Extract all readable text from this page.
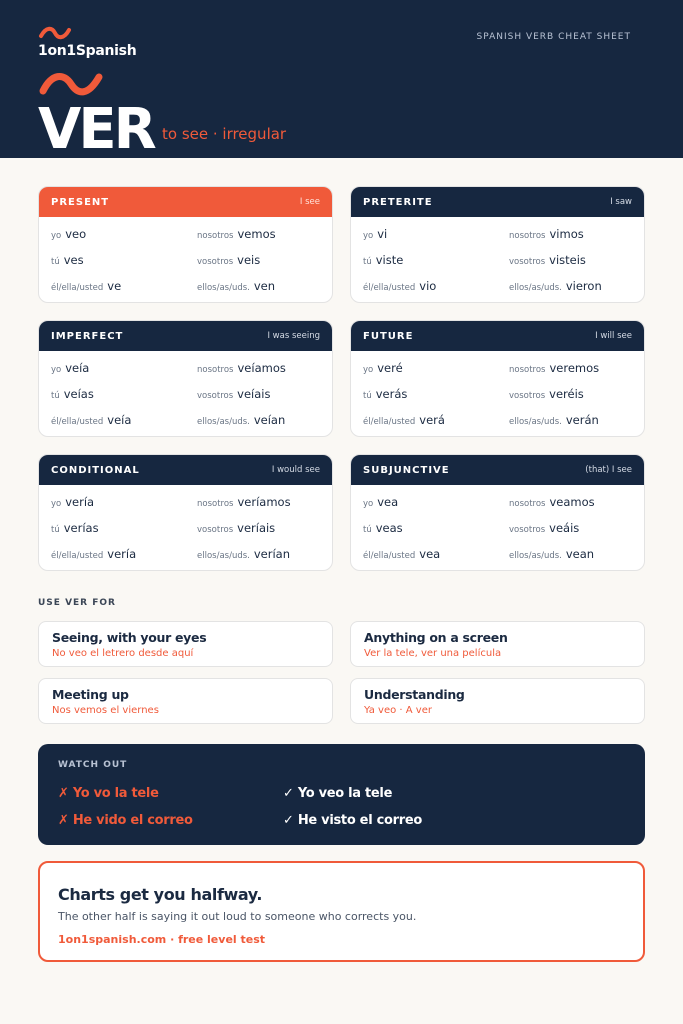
1on1Spanish
SPANISH VERB CHEAT SHEET
VER to see · irregular
PRESENT	I see
yo veo	nosotros vemos
tú ves	vosotros veis
él/ella/usted ve	ellos/as/uds. ven
PRETERITE	I saw
yo vi	nosotros vimos
tú viste	vosotros visteis
él/ella/usted vio	ellos/as/uds. vieron
IMPERFECT	I was seeing
yo veía	nosotros veíamos
tú veías	vosotros veíais
él/ella/usted veía	ellos/as/uds. veían
FUTURE	I will see
yo veré	nosotros veremos
tú verás	vosotros veréis
él/ella/usted verá	ellos/as/uds. verán
CONDITIONAL	I would see
yo vería	nosotros veríamos
tú verías	vosotros veríais
él/ella/usted vería	ellos/as/uds. verían
SUBJUNCTIVE	(that) I see
yo vea	nosotros veamos
tú veas	vosotros veáis
él/ella/usted vea	ellos/as/uds. vean
USE VER FOR
Seeing, with your eyes
No veo el letrero desde aquí
Anything on a screen
Ver la tele, ver una película
Meeting up
Nos vemos el viernes
Understanding
Ya veo · A ver
WATCH OUT
✗ Yo vo la tele	✓ Yo veo la tele
✗ He vido el correo	✓ He visto el correo
Charts get you halfway.
The other half is saying it out loud to someone who corrects you.
1on1spanish.com · free level test
